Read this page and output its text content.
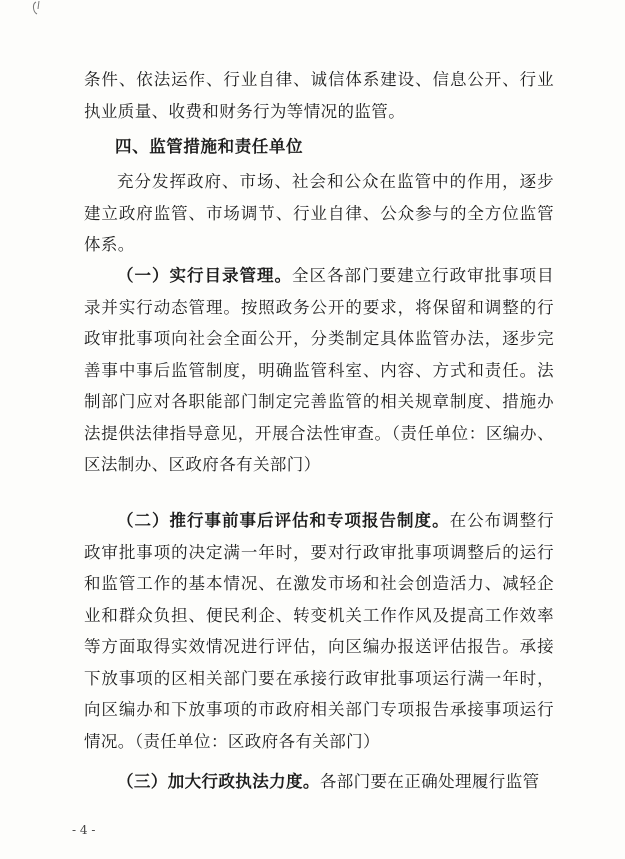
条件、依法运作、行业自律、诚信体系建设、信息公开、行业执业质量、收费和财务行为等情况的监管。

四、监管措施和责任单位

充分发挥政府、市场、社会和公众在监管中的作用，逐步建立政府监管、市场调节、行业自律、公众参与的全方位监管体系。

（一）实行目录管理。全区各部门要建立行政审批事项目录并实行动态管理。按照政务公开的要求，将保留和调整的行政审批事项向社会全面公开，分类制定具体监管办法，逐步完善事中事后监管制度，明确监管科室、内容、方式和责任。法制部门应对各职能部门制定完善监管的相关规章制度、措施办法提供法律指导意见，开展合法性审查。（责任单位：区编办、区法制办、区政府各有关部门）

（二）推行事前事后评估和专项报告制度。在公布调整行政审批事项的决定满一年时，要对行政审批事项调整后的运行和监管工作的基本情况、在激发市场和社会创造活力、减轻企业和群众负担、便民利企、转变机关工作作风及提高工作效率等方面取得实效情况进行评估，向区编办报送评估报告。承接下放事项的区相关部门要在承接行政审批事项运行满一年时，向区编办和下放事项的市政府相关部门专项报告承接事项运行情况。（责任单位：区政府各有关部门）

（三）加大行政执法力度。各部门要在正确处理履行监管

- 4 -
